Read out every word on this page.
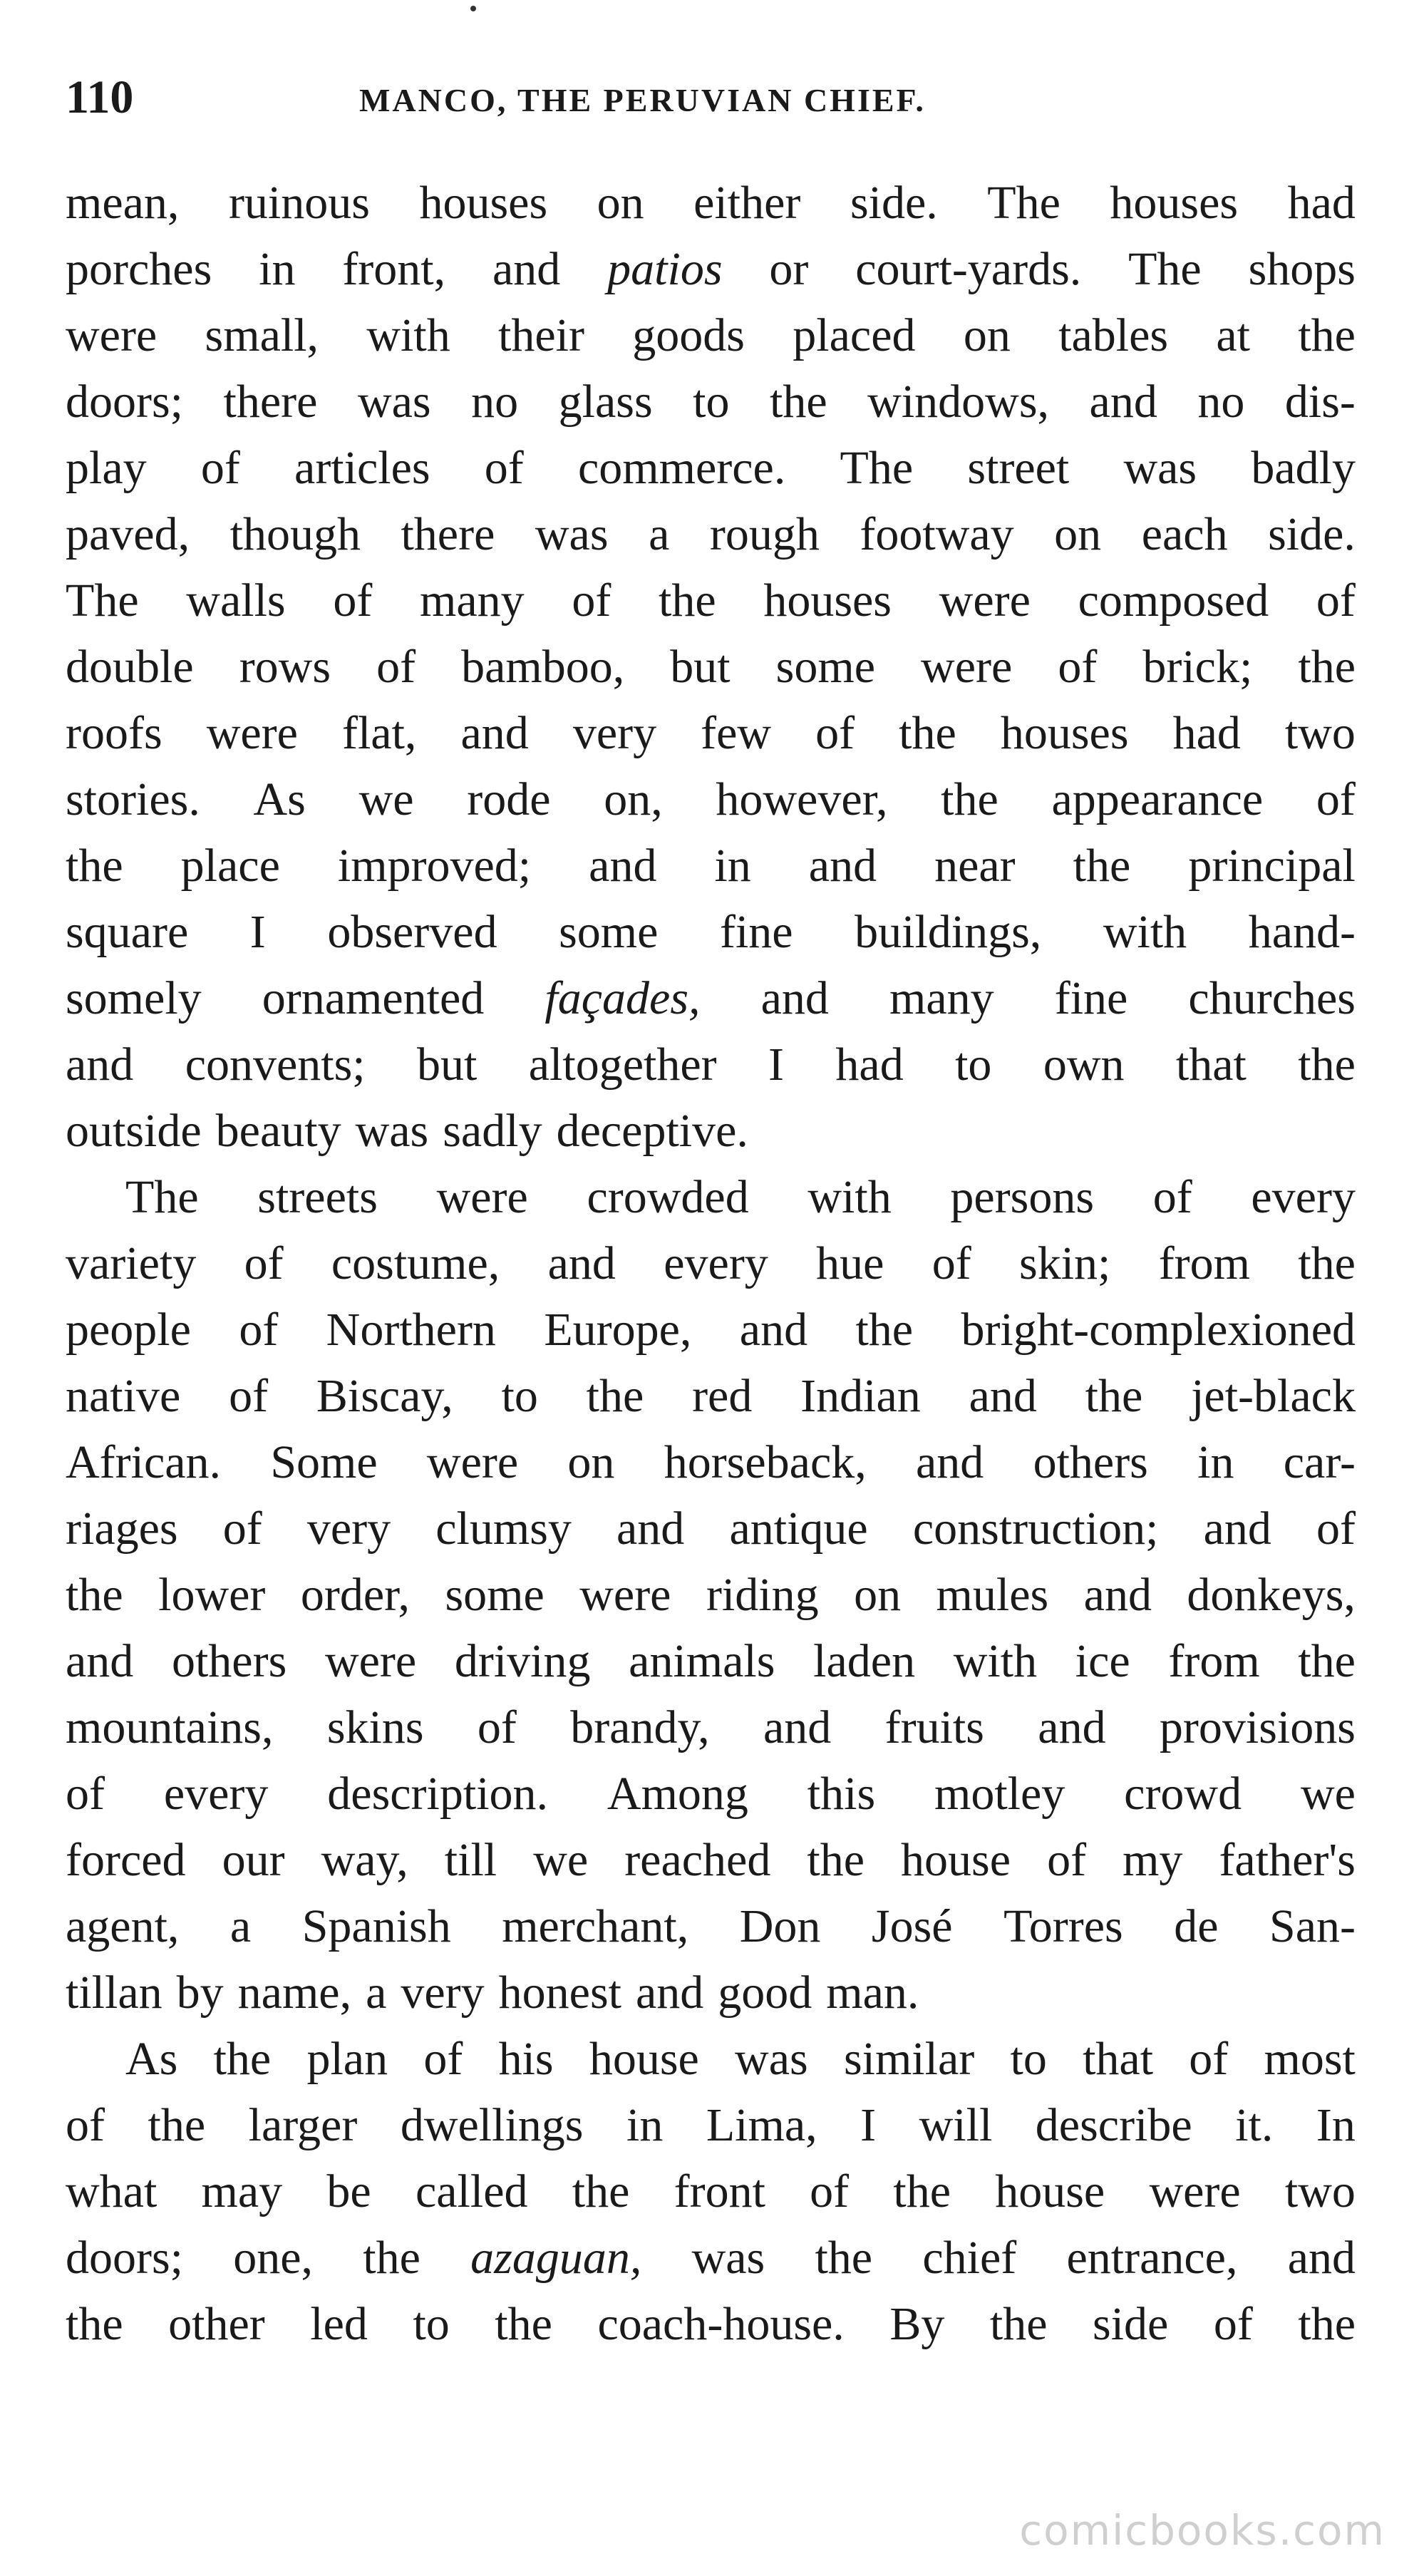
110	MANCO, THE PERUVIAN CHIEF.
mean, ruinous houses on either side. The houses had
porches in front, and patios or court-yards. The shops
were small, with their goods placed on tables at the
doors; there was no glass to the windows, and no dis-
play of articles of commerce. The street was badly
paved, though there was a rough footway on each side.
The walls of many of the houses were composed of
double rows of bamboo, but some were of brick; the
roofs were flat, and very few of the houses had two
stories. As we rode on, however, the appearance of
the place improved; and in and near the principal
square I observed some fine buildings, with hand-
somely ornamented façades, and many fine churches
and convents; but altogether I had to own that the
outside beauty was sadly deceptive.
The streets were crowded with persons of every
variety of costume, and every hue of skin; from the
people of Northern Europe, and the bright-complexioned
native of Biscay, to the red Indian and the jet-black
African. Some were on horseback, and others in car-
riages of very clumsy and antique construction; and of
the lower order, some were riding on mules and donkeys,
and others were driving animals laden with ice from the
mountains, skins of brandy, and fruits and provisions
of every description. Among this motley crowd we
forced our way, till we reached the house of my father's
agent, a Spanish merchant, Don José Torres de San-
tillan by name, a very honest and good man.
As the plan of his house was similar to that of most
of the larger dwellings in Lima, I will describe it. In
what may be called the front of the house were two
doors; one, the azaguan, was the chief entrance, and
the other led to the coach-house. By the side of the
comicbooks.com
